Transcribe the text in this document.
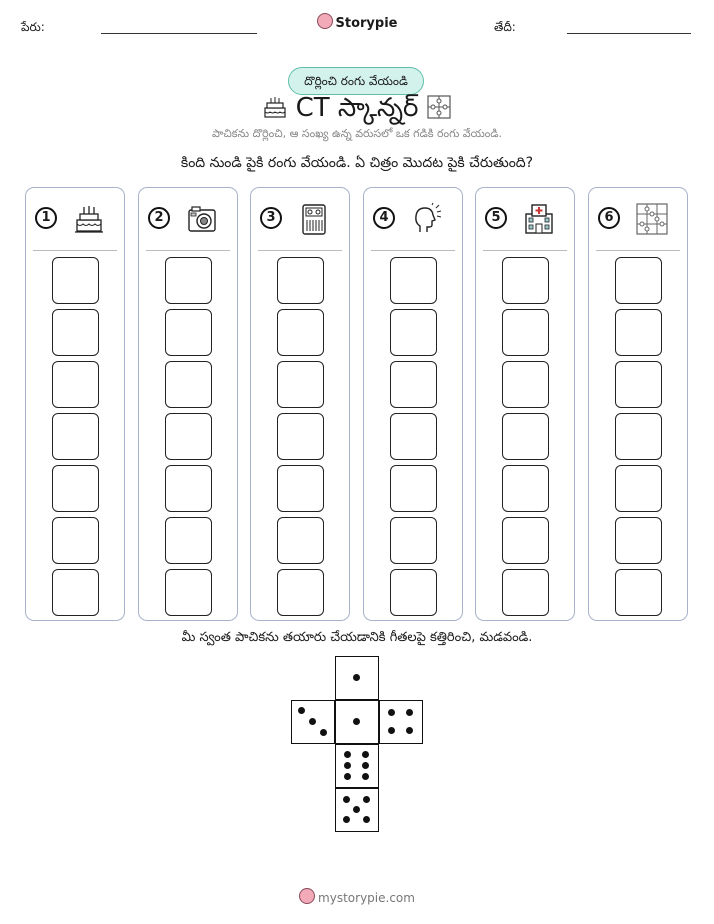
పేరు:	Storypie	తేదీ:
దొర్లించి రంగు వేయండి
CT స్కాన్నర్
పాచికను దొర్లించి, ఆ సంఖ్య ఉన్న వరుసలో ఒక గడికి రంగు వేయండి.
కింది నుండి పైకి రంగు వేయండి. ఏ చిత్రం మొదట పైకి చేరుతుంది?
1	2	3	4	5	6
మీ స్వంత పాచికను తయారు చేయడానికి గీతలపై కత్తిరించి, మడవండి.
mystorypie.com
